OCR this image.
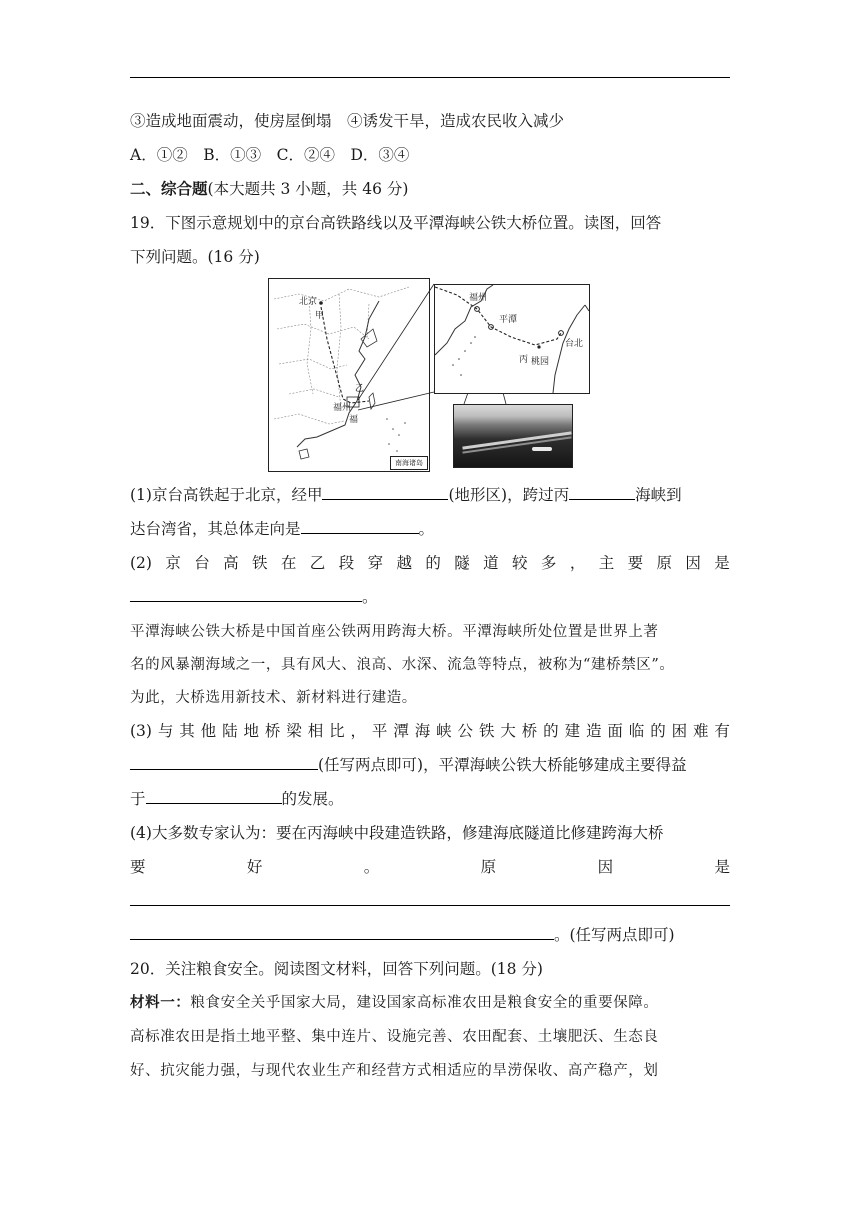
③造成地面震动，使房屋倒塌　④诱发干旱，造成农民收入减少
A．①②　B．①③　C．②④　D．③④
二、综合题(本大题共 3 小题，共 46 分)
19．下图示意规划中的京台高铁路线以及平潭海峡公铁大桥位置。读图，回答
下列问题。(16 分)
北京
甲
乙
福州
福
南海诸岛
福州
平潭
丙 桃园
台北
(1)京台高铁起于北京，经甲	(地形区)，跨过丙	海峡到
达台湾省，其总体走向是	。
(2) 京 台 高 铁 在 乙 段 穿 越 的 隧 道 较 多 ， 主 要 原 因 是
。
平潭海峡公铁大桥是中国首座公铁两用跨海大桥。平潭海峡所处位置是世界上著
名的风暴潮海域之一，具有风大、浪高、水深、流急等特点，被称为“建桥禁区”。
为此，大桥选用新技术、新材料进行建造。
(3) 与 其 他 陆 地 桥 梁 相 比 ， 平 潭 海 峡 公 铁 大 桥 的 建 造 面 临 的 困 难 有
(任写两点即可)，平潭海峡公铁大桥能够建成主要得益
于	的发展。
(4)大多数专家认为：要在丙海峡中段建造铁路，修建海底隧道比修建跨海大桥
要	好	。	原	因	是
。(任写两点即可)
20．关注粮食安全。阅读图文材料，回答下列问题。(18 分)
材料一：粮食安全关乎国家大局，建设国家高标准农田是粮食安全的重要保障。
高标准农田是指土地平整、集中连片、设施完善、农田配套、土壤肥沃、生态良
好、抗灾能力强，与现代农业生产和经营方式相适应的旱涝保收、高产稳产，划
